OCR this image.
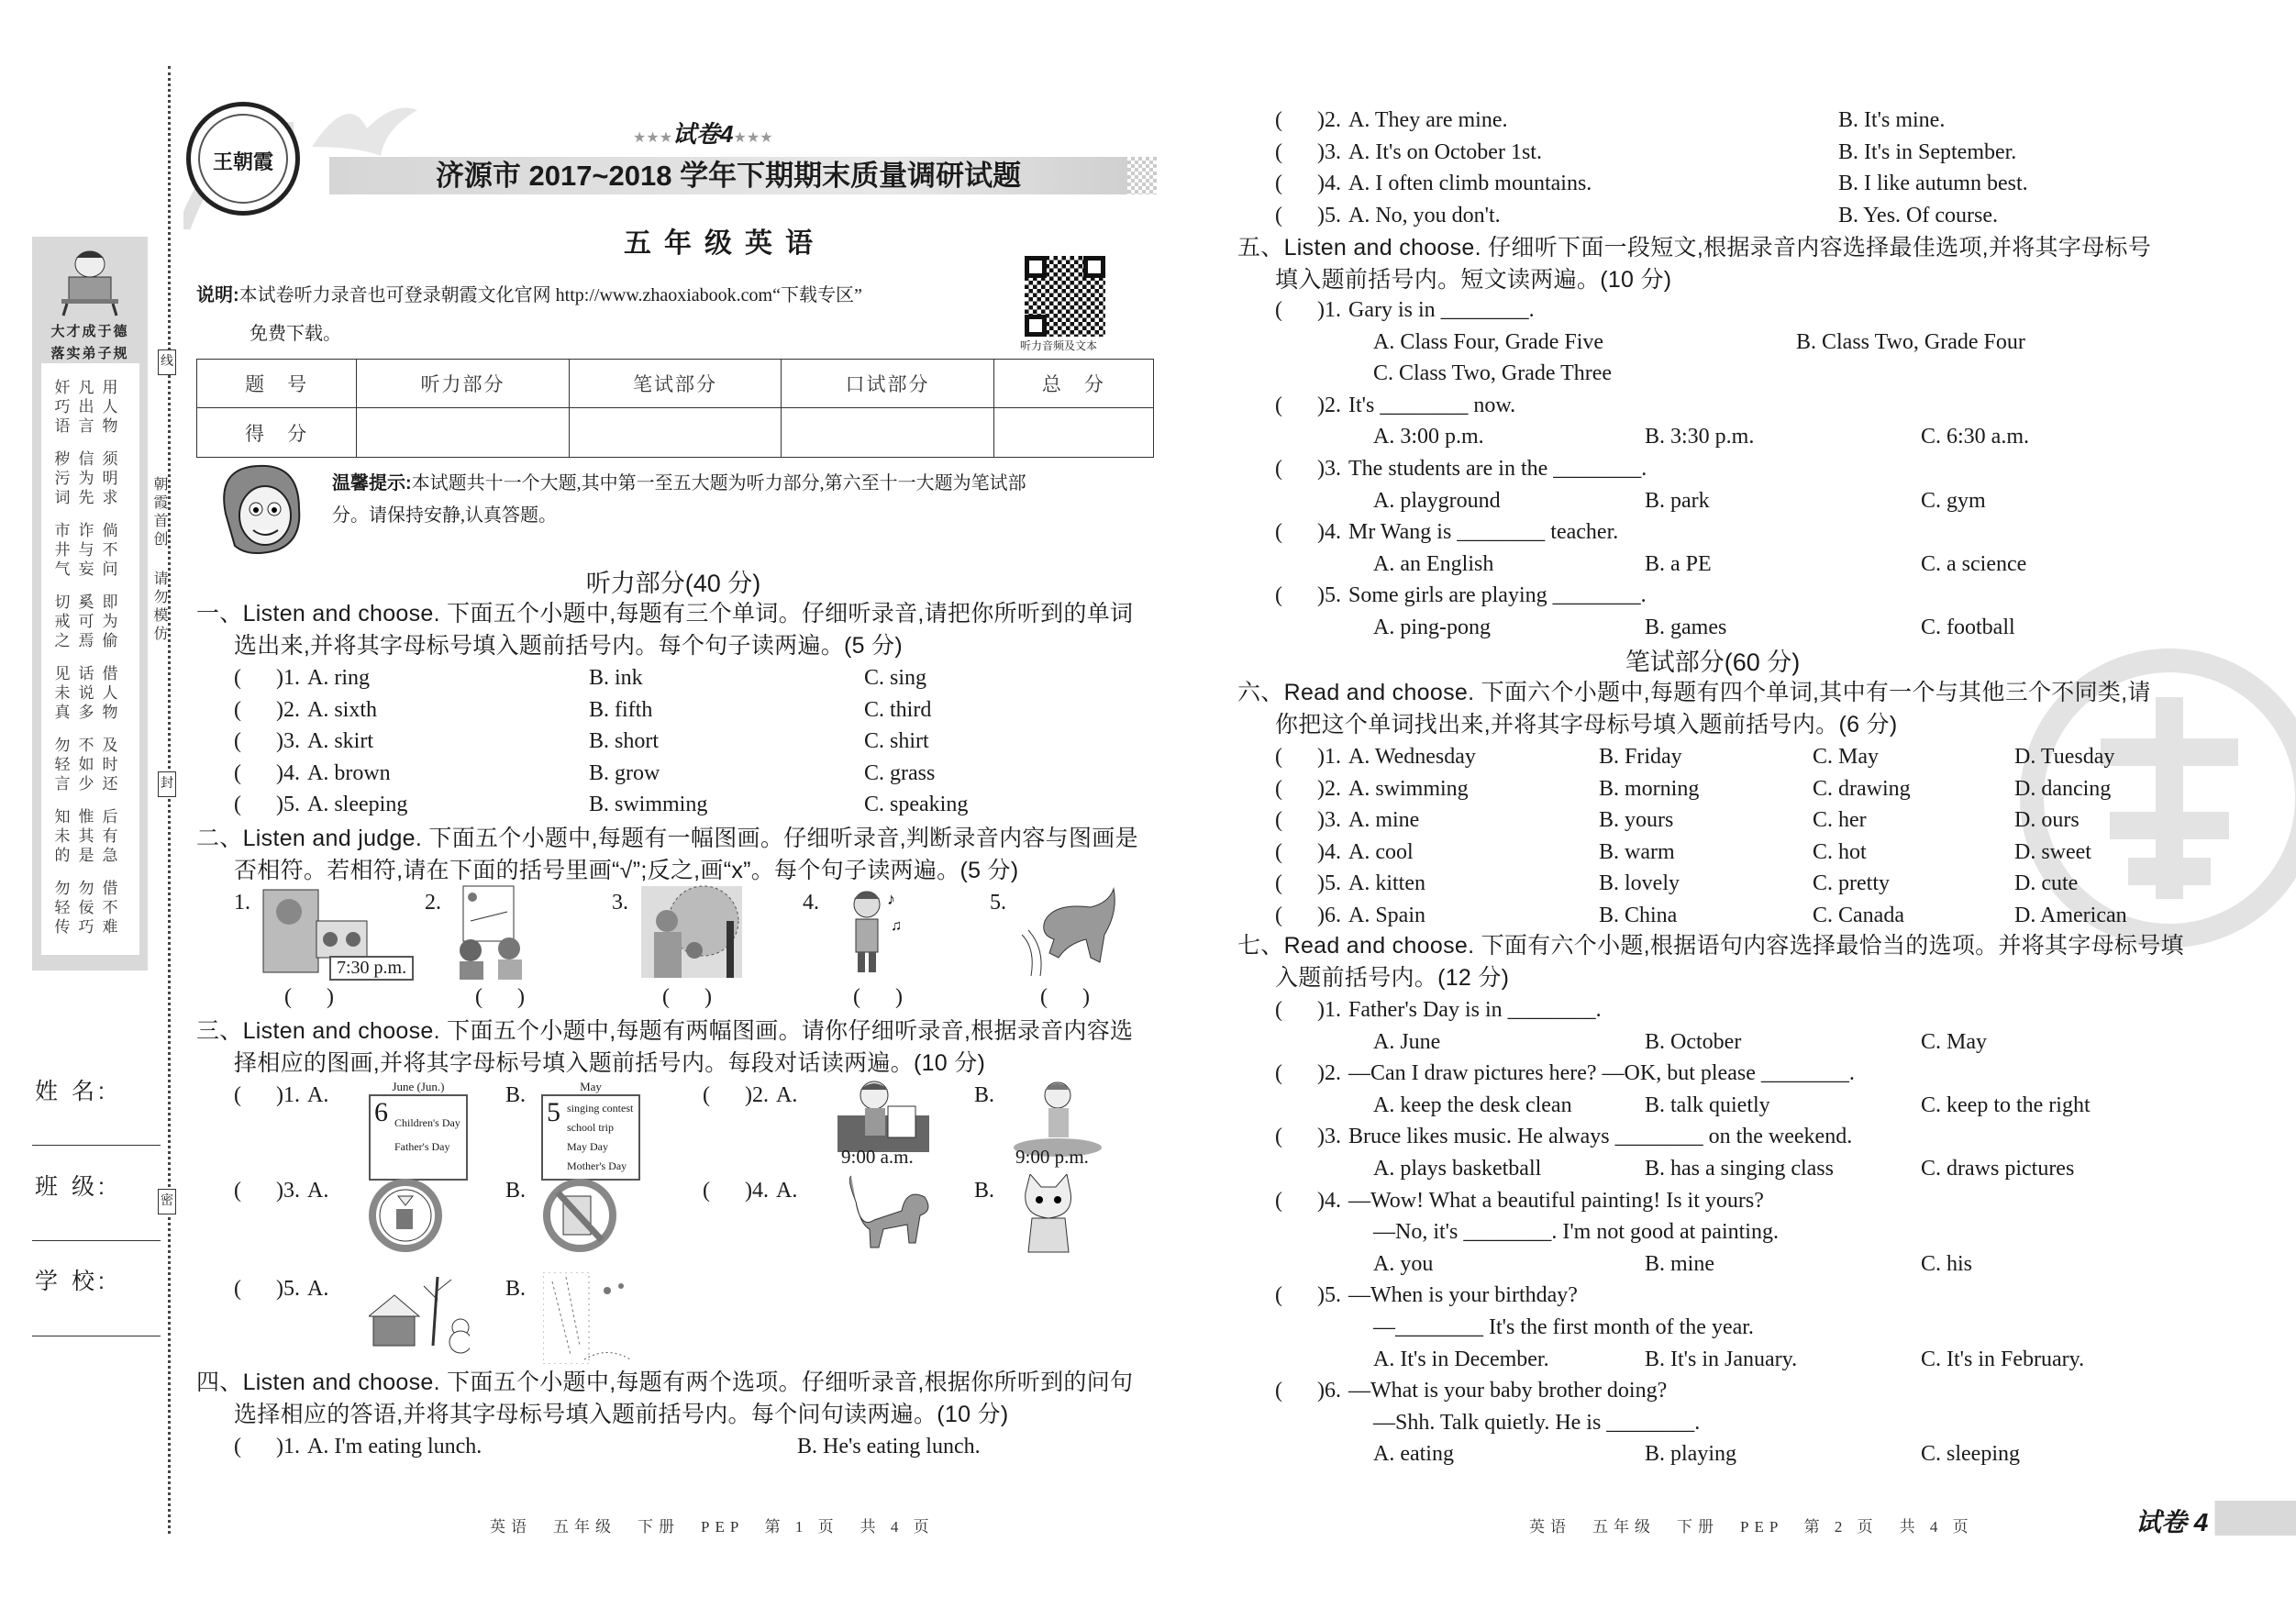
大才成于德
落实弟子规
奸凡用
巧出人
语言物
秽信须
污为明
词先求
市诈倘
井与不
气妄问
切奚即
戒可为
之焉偷
见话借
未说人
真多物
勿不及
轻如时
言少还
知惟后
未其有
的是急
勿勿借
轻佞不
传巧难
线
封
密
朝霞首创
请勿模仿
姓 名:
班 级:
学 校:
王朝霞
★★★试卷4★★★
济源市 2017~2018 学年下期期末质量调研试题
五年级英语
说明:本试卷听力录音也可登录朝霞文化官网 http://www.zhaoxiabook.com“下载专区”
免费下载。
听力音频及文本
题　号	听力部分	笔试部分	口试部分	总　分
得　分				
温馨提示:本试题共十一个大题,其中第一至五大题为听力部分,第六至十一大题为笔试部
分。请保持安静,认真答题。
听力部分(40 分)
笔试部分(60 分)
一、Listen and choose. 下面五个小题中,每题有三个单词。仔细听录音,请把你所听到的单词
选出来,并将其字母标号填入题前括号内。每个句子读两遍。(5 分)
( )
1. A. ring	B. ink	C. sing
( )
2. A. sixth	B. fifth	C. third
( )
3. A. skirt	B. short	C. shirt
( )
4. A. brown	B. grow	C. grass
( )
5. A. sleeping	B. swimming	C. speaking
二、Listen and judge. 下面五个小题中,每题有一幅图画。仔细听录音,判断录音内容与图画是
否相符。若相符,请在下面的括号里画“√”;反之,画“x”。每个句子读两遍。(5 分)
1.
( )	2.
( )	3.
( )	4.	♪
♫
( )
5.
( )
7:30 p.m.
三、Listen and choose. 下面五个小题中,每题有两幅图画。请你仔细听录音,根据录音内容选
择相应的图画,并将其字母标号填入题前括号内。每段对话读两遍。(10 分)
( )
1. A.	B.
June (Jun.)
6 Children's Day
Father's Day
May
5 singing contest
school trip
May Day
Mother's Day
( )
2. A.	B.
9:00 a.m.	9:00 p.m.
( )
3. A.	B. ( )	4. A.	B.
( )
5. A.	B.
四、Listen and choose. 下面五个小题中,每题有两个选项。仔细听录音,根据你所听到的问句
选择相应的答语,并将其字母标号填入题前括号内。每个问句读两遍。(10 分)
( )
1. A. I'm eating lunch.	B. He's eating lunch.
( )
2. A. They are mine.	B. It's mine.
( )
3. A. It's on October 1st.	B. It's in September.
( )
4. A. I often climb mountains.	B. I like autumn best.
( )
5. A. No, you don't.	B. Yes. Of course.
五、Listen and choose. 仔细听下面一段短文,根据录音内容选择最佳选项,并将其字母标号
填入题前括号内。短文读两遍。(10 分)
( )
1. Gary is in ________.
A. Class Four, Grade Five	B. Class Two, Grade Four
C. Class Two, Grade Three
( )
2. It's ________ now.
A. 3:00 p.m.	B. 3:30 p.m.	C. 6:30 a.m.
( )
3. The students are in the ________.
A. playground	B. park	C. gym
( )
4. Mr Wang is ________ teacher.
A. an English	B. a PE	C. a science
( )
5. Some girls are playing ________.
A. ping-pong	B. games	C. football
六、Read and choose. 下面六个小题中,每题有四个单词,其中有一个与其他三个不同类,请
你把这个单词找出来,并将其字母标号填入题前括号内。(6 分)
( )
1. A. Wednesday	B. Friday	C. May	D. Tuesday
( )
2. A. swimming	B. morning	C. drawing	D. dancing
( )
3. A. mine	B. yours	C. her	D. ours
( )
4. A. cool	B. warm	C. hot	D. sweet
( )
5. A. kitten	B. lovely	C. pretty	D. cute
( )
6. A. Spain	B. China	C. Canada	D. American
七、Read and choose. 下面有六个小题,根据语句内容选择最恰当的选项。并将其字母标号填
入题前括号内。(12 分)
( )
1. Father's Day is in ________.
A. June	B. October	C. May
( )
2. —Can I draw pictures here? —OK, but please ________.
A. keep the desk clean	B. talk quietly	C. keep to the right
( )
3. Bruce likes music. He always ________ on the weekend.
A. plays basketball	B. has a singing class	C. draws pictures
( )
4. —Wow! What a beautiful painting! Is it yours?
—No, it's ________. I'm not good at painting.
A. you	B. mine	C. his
( )
5. —When is your birthday?
—________ It's the first month of the year.
A. It's in December.	B. It's in January.	C. It's in February.
( )
6. —What is your baby brother doing?
—Shh. Talk quietly. He is ________.
A. eating	B. playing	C. sleeping
英语　五年级　下册　PEP　第 1 页　共 4 页	英语　五年级　下册　PEP　第 2 页　共 4 页	试卷 4
